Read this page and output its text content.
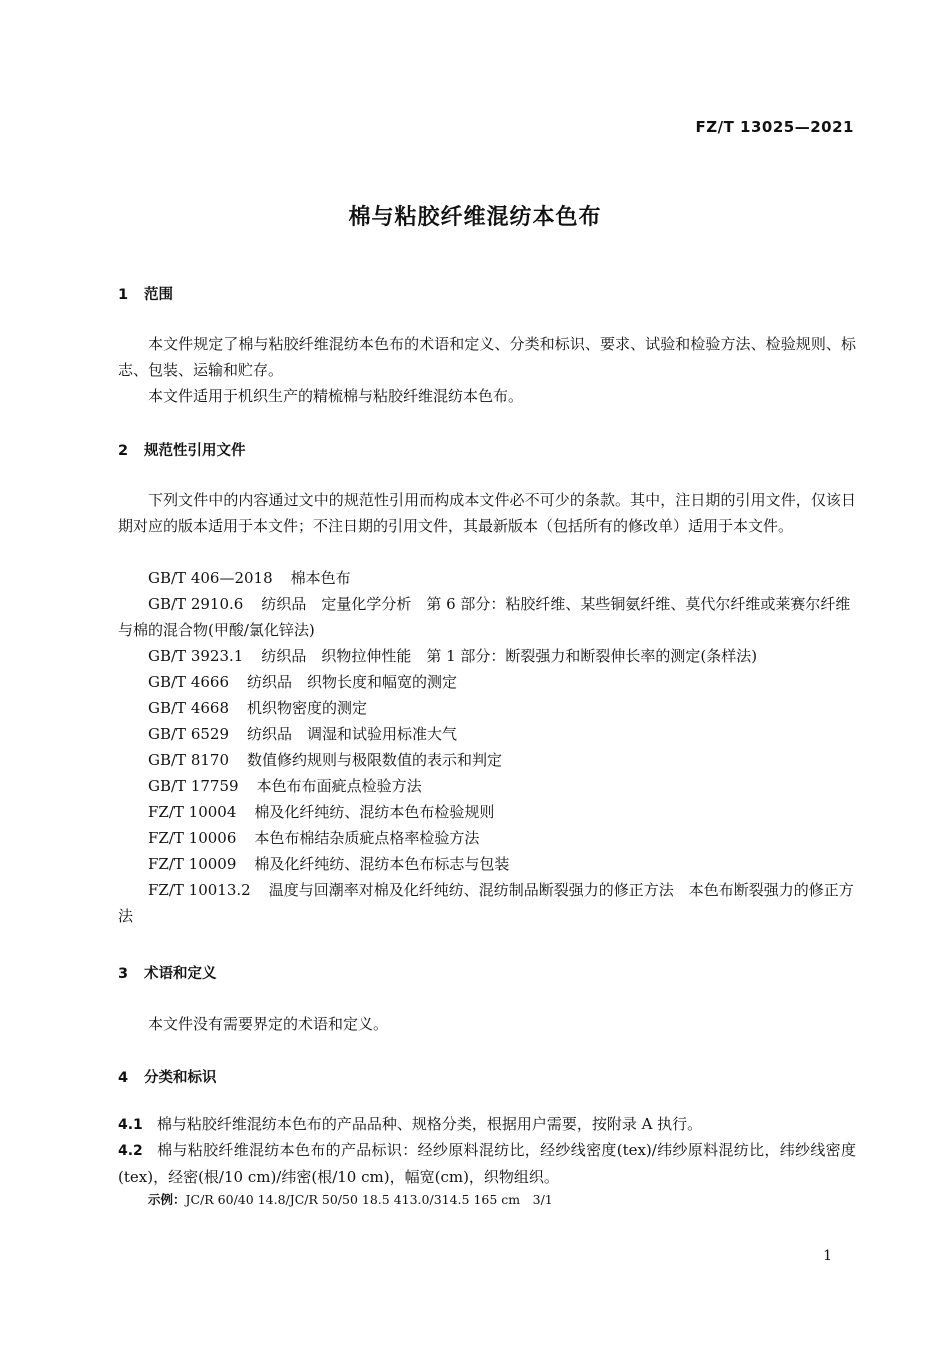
FZ/T 13025—2021
棉与粘胶纤维混纺本色布
1 范围
本文件规定了棉与粘胶纤维混纺本色布的术语和定义、分类和标识、要求、试验和检验方法、检验规则、标志、包装、运输和贮存。
本文件适用于机织生产的精梳棉与粘胶纤维混纺本色布。
2 规范性引用文件
下列文件中的内容通过文中的规范性引用而构成本文件必不可少的条款。其中，注日期的引用文件，仅该日期对应的版本适用于本文件；不注日期的引用文件，其最新版本（包括所有的修改单）适用于本文件。
GB/T 406—2018 棉本色布
GB/T 2910.6 纺织品　定量化学分析　第 6 部分：粘胶纤维、某些铜氨纤维、莫代尔纤维或莱赛尔纤维与棉的混合物(甲酸/氯化锌法)
GB/T 3923.1 纺织品　织物拉伸性能　第 1 部分：断裂强力和断裂伸长率的测定(条样法)
GB/T 4666 纺织品　织物长度和幅宽的测定
GB/T 4668 机织物密度的测定
GB/T 6529 纺织品　调湿和试验用标准大气
GB/T 8170 数值修约规则与极限数值的表示和判定
GB/T 17759 本色布布面疵点检验方法
FZ/T 10004 棉及化纤纯纺、混纺本色布检验规则
FZ/T 10006 本色布棉结杂质疵点格率检验方法
FZ/T 10009 棉及化纤纯纺、混纺本色布标志与包装
FZ/T 10013.2 温度与回潮率对棉及化纤纯纺、混纺制品断裂强力的修正方法　本色布断裂强力的修正方法
3 术语和定义
本文件没有需要界定的术语和定义。
4 分类和标识
4.1 棉与粘胶纤维混纺本色布的产品品种、规格分类，根据用户需要，按附录 A 执行。
4.2 棉与粘胶纤维混纺本色布的产品标识：经纱原料混纺比，经纱线密度(tex)/纬纱原料混纺比，纬纱线密度(tex)，经密(根/10 cm)/纬密(根/10 cm)，幅宽(cm)，织物组织。
示例：JC/R 60/40 14.8/JC/R 50/50 18.5 413.0/314.5 165 cm　3/1
1
